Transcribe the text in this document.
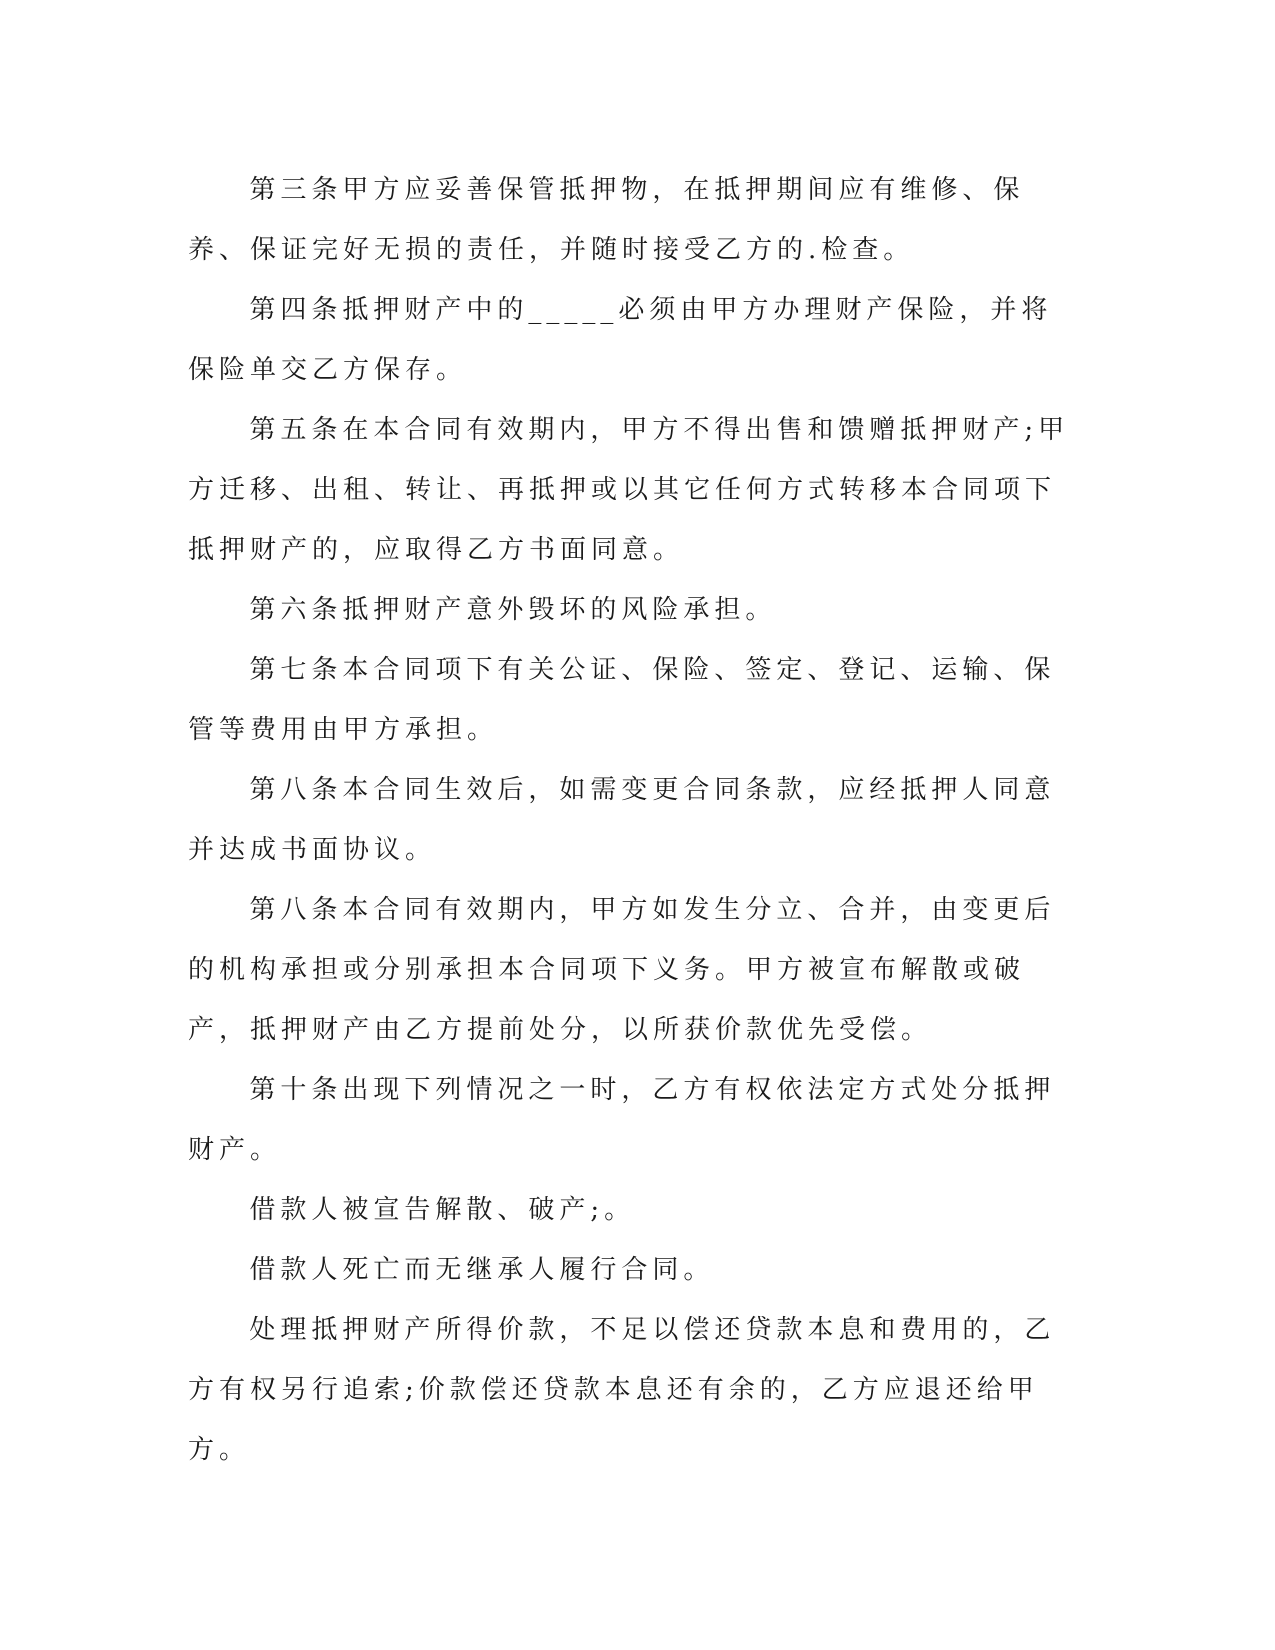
第三条甲方应妥善保管抵押物，在抵押期间应有维修、保养、保证完好无损的责任，并随时接受乙方的.检查。

第四条抵押财产中的_____必须由甲方办理财产保险，并将保险单交乙方保存。

第五条在本合同有效期内，甲方不得出售和馈赠抵押财产;甲方迁移、出租、转让、再抵押或以其它任何方式转移本合同项下抵押财产的，应取得乙方书面同意。

第六条抵押财产意外毁坏的风险承担。

第七条本合同项下有关公证、保险、签定、登记、运输、保管等费用由甲方承担。

第八条本合同生效后，如需变更合同条款，应经抵押人同意并达成书面协议。

第八条本合同有效期内，甲方如发生分立、合并，由变更后的机构承担或分别承担本合同项下义务。甲方被宣布解散或破产，抵押财产由乙方提前处分，以所获价款优先受偿。

第十条出现下列情况之一时，乙方有权依法定方式处分抵押财产。

借款人被宣告解散、破产;。

借款人死亡而无继承人履行合同。

处理抵押财产所得价款，不足以偿还贷款本息和费用的，乙方有权另行追索;价款偿还贷款本息还有余的，乙方应退还给甲方。
